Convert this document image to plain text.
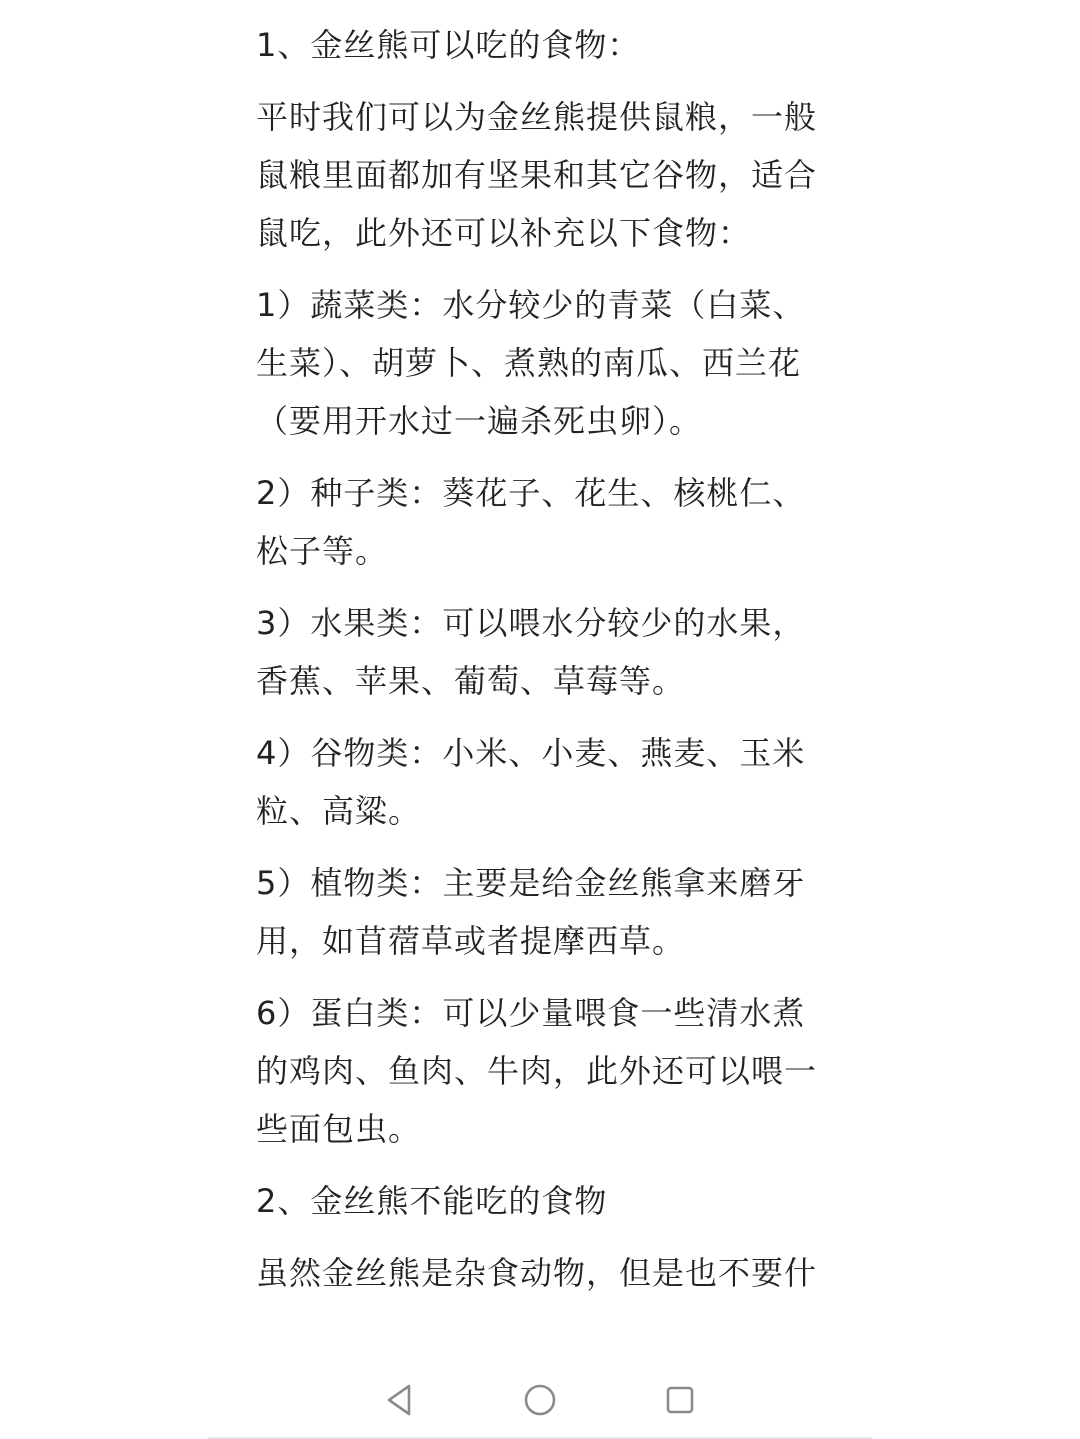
1、金丝熊可以吃的食物：

平时我们可以为金丝熊提供鼠粮，一般鼠粮里面都加有坚果和其它谷物，适合鼠吃，此外还可以补充以下食物：

1）蔬菜类：水分较少的青菜（白菜、生菜）、胡萝卜、煮熟的南瓜、西兰花（要用开水过一遍杀死虫卵）。

2）种子类：葵花子、花生、核桃仁、松子等。

3）水果类：可以喂水分较少的水果，香蕉、苹果、葡萄、草莓等。

4）谷物类：小米、小麦、燕麦、玉米粒、高粱。

5）植物类：主要是给金丝熊拿来磨牙用，如苜蓿草或者提摩西草。

6）蛋白类：可以少量喂食一些清水煮的鸡肉、鱼肉、牛肉，此外还可以喂一些面包虫。

2、金丝熊不能吃的食物

虽然金丝熊是杂食动物，但是也不要什
